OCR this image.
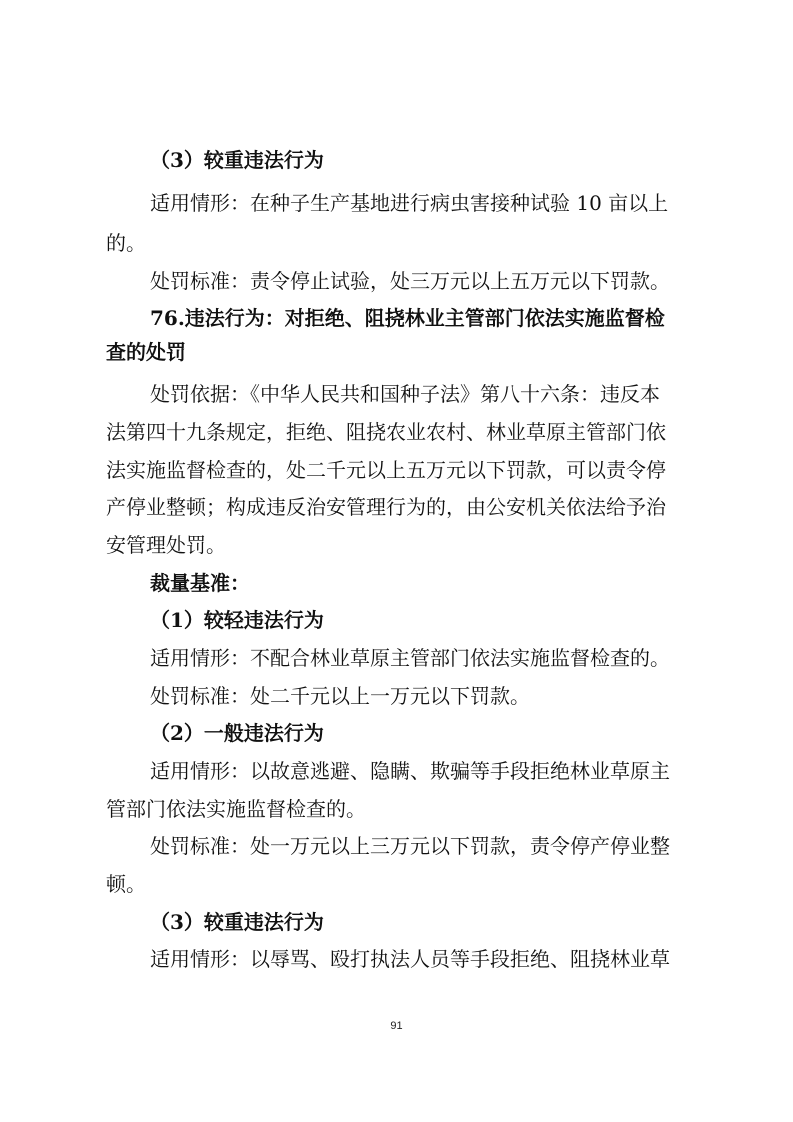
（3）较重违法行为
适用情形：在种子生产基地进行病虫害接种试验 10 亩以上
的。
处罚标准：责令停止试验，处三万元以上五万元以下罚款。
76.违法行为：对拒绝、阻挠林业主管部门依法实施监督检
查的处罚
处罚依据：《中华人民共和国种子法》第八十六条：违反本
法第四十九条规定，拒绝、阻挠农业农村、林业草原主管部门依
法实施监督检查的，处二千元以上五万元以下罚款，可以责令停
产停业整顿；构成违反治安管理行为的，由公安机关依法给予治
安管理处罚。
裁量基准：
（1）较轻违法行为
适用情形：不配合林业草原主管部门依法实施监督检查的。
处罚标准：处二千元以上一万元以下罚款。
（2）一般违法行为
适用情形：以故意逃避、隐瞒、欺骗等手段拒绝林业草原主
管部门依法实施监督检查的。
处罚标准：处一万元以上三万元以下罚款，责令停产停业整
顿。
（3）较重违法行为
适用情形：以辱骂、殴打执法人员等手段拒绝、阻挠林业草
91
